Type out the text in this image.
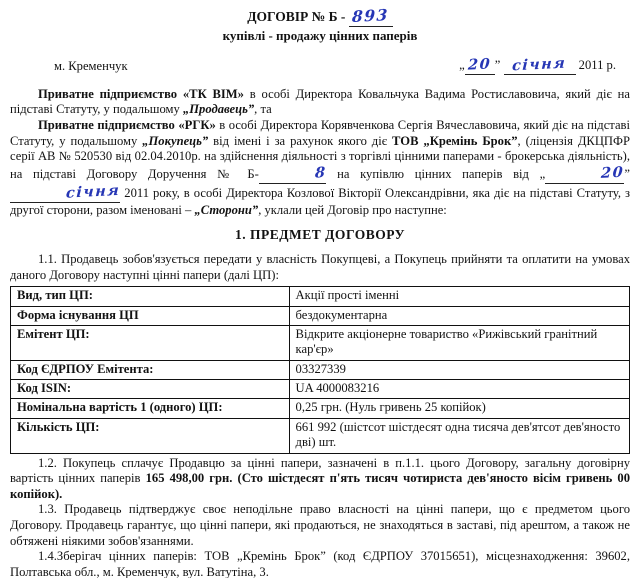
ДОГОВІР № Б - 893
купівлі - продажу цінних паперів
м. Кременчук	„ 20 ” січня 2011 р.

Приватне підприємство «ТК ВІМ» в особі Директора Ковальчука Вадима Ростиславовича, який діє на підставі Статуту, у подальшому „Продавець”, та

Приватне підприємство «РГК» в особі Директора Корявченкова Сергія Вячеславовича, який діє на підставі Статуту, у подальшому „Покупець” від імені і за рахунок якого діє ТОВ „Кремінь Брок”, (ліцензія ДКЦПФР серії АВ № 520530 від 02.04.2010р. на здійснення діяльності з торгівлі цінними паперами - брокерська діяльність), на підставі Договору Доручення № Б-	8 на купівлю цінних паперів від „	20” січня 2011 року, в особі Директора Козлової Вікторії Олександрівни, яка діє на підставі Статуту, з другої сторони, разом іменовані – „Сторони”, уклали цей Договір про наступне:

1. ПРЕДМЕТ ДОГОВОРУ

1.1. Продавець зобов'язується передати у власність Покупцеві, а Покупець прийняти та оплатити на умовах даного Договору наступні цінні папери (далі ЦП):

Вид, тип ЦП:	Акції прості іменні
Форма існування ЦП	бездокументарна
Емітент ЦП:	Відкрите акціонерне товариство «Рижівський гранітний кар'єр»
Код ЄДРПОУ Емітента:	03327339
Код ISIN:	UA 4000083216
Номінальна вартість 1 (одного) ЦП:	0,25 грн. (Нуль гривень 25 копійок)
Кількість ЦП:	661 992 (шістсот шістдесят одна тисяча дев'ятсот дев'яносто дві) шт.

1.2. Покупець сплачує Продавцю за цінні папери, зазначені в п.1.1. цього Договору, загальну договірну вартість цінних паперів 165 498,00 грн. (Сто шістдесят п'ять тисяч чотириста дев'яносто вісім гривень 00 копійок).

1.3. Продавець підтверджує своє неподільне право власності на цінні папери, що є предметом цього Договору. Продавець гарантує, що цінні папери, які продаються, не знаходяться в заставі, під арештом, а також не обтяжені ніякими зобов'язаннями.

1.4.Зберігач цінних паперів: ТОВ „Кремінь Брок” (код ЄДРПОУ 37015651), місцезнаходження: 39602, Полтавська обл., м. Кременчук, вул. Ватутіна, 3.
